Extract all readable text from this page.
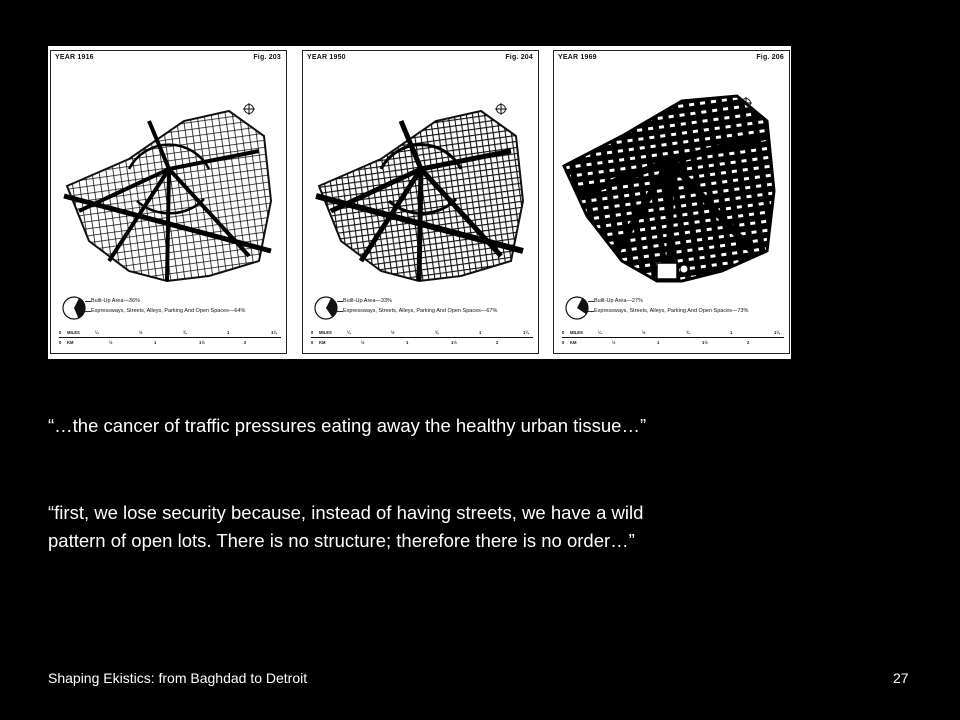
YEAR 1916	Fig. 203
Built-Up Area—36%
Expressways, Streets, Alleys, Parking And Open Spaces—64%
0 MILES	¼	½	¾	1	1¼
0 KM	½	1	1½	2
YEAR 1950	Fig. 204
Built-Up Area—33%
Expressways, Streets, Alleys, Parking And Open Spaces—67%
0 MILES	¼	½	¾	1	1¼
0 KM	½	1	1½	2
YEAR 1969	Fig. 206
Built-Up Area—27%
Expressways, Streets, Alleys, Parking And Open Spaces—73%
0 MILES	¼	½	¾	1	1¼
0 KM	½	1	1½	2
“…the cancer of traffic pressures eating away the healthy urban tissue…”
“first, we lose security because, instead of having streets, we have a wild
pattern of open lots. There is no structure; therefore there is no order…”
Shaping Ekistics: from Baghdad to Detroit	27
